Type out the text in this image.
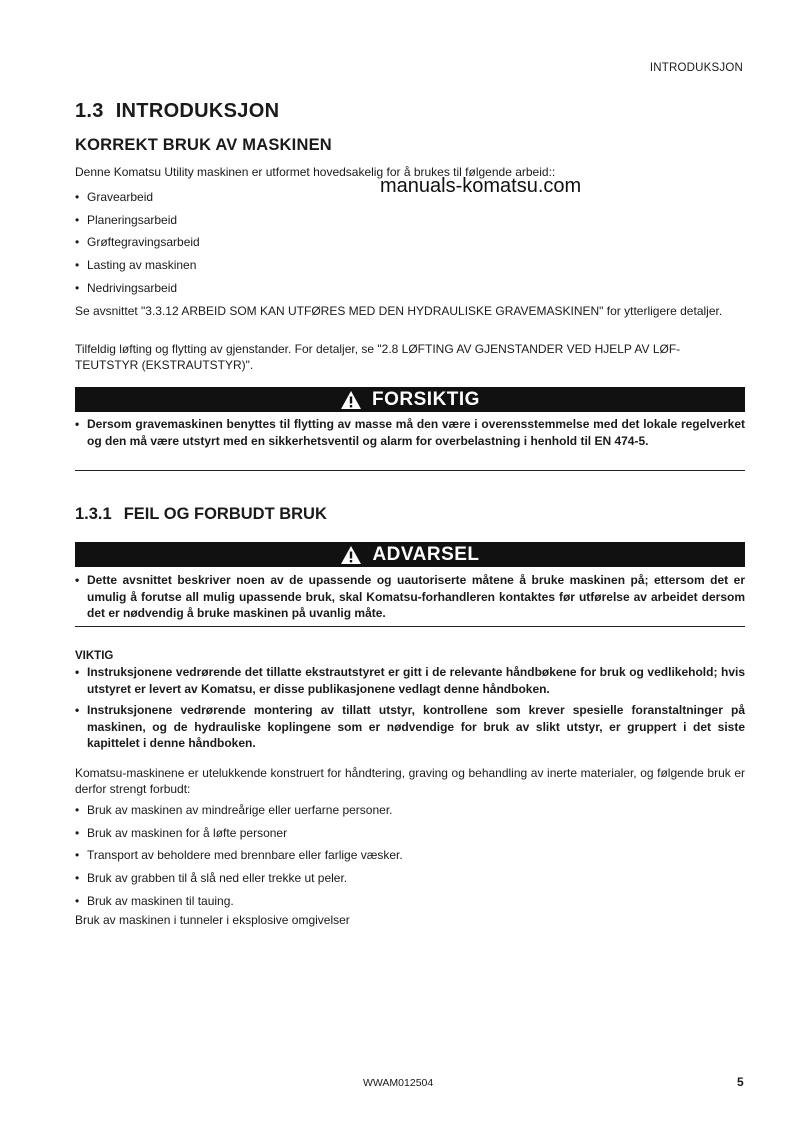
INTRODUKSJON
1.3 INTRODUKSJON
KORREKT BRUK AV MASKINEN
Denne Komatsu Utility maskinen er utformet hovedsakelig for å brukes til følgende arbeid::
manuals-komatsu.com
• Gravearbeid
• Planeringsarbeid
• Grøftegravingsarbeid
• Lasting av maskinen
• Nedrivingsarbeid
Se avsnittet "3.3.12 ARBEID SOM KAN UTFØRES MED DEN HYDRAULISKE GRAVEMASKINEN" for ytterligere detaljer.
Tilfeldig løfting og flytting av gjenstander. For detaljer, se "2.8 LØFTING AV GJENSTANDER VED HJELP AV LØF-
TEUTSTYR (EKSTRAUTSTYR)".
FORSIKTIG
• Dersom gravemaskinen benyttes til flytting av masse må den være i overensstemmelse med det lokale regelverket og den må være utstyrt med en sikkerhetsventil og alarm for overbelastning i henhold til EN 474-5.
1.3.1 FEIL OG FORBUDT BRUK
ADVARSEL
• Dette avsnittet beskriver noen av de upassende og uautoriserte måtene å bruke maskinen på; ettersom det er umulig å forutse all mulig upassende bruk, skal Komatsu-forhandleren kontaktes før utførelse av arbeidet dersom det er nødvendig å bruke maskinen på uvanlig måte.
VIKTIG
• Instruksjonene vedrørende det tillatte ekstrautstyret er gitt i de relevante håndbøkene for bruk og vedlikehold; hvis utstyret er levert av Komatsu, er disse publikasjonene vedlagt denne håndboken.
• Instruksjonene vedrørende montering av tillatt utstyr, kontrollene som krever spesielle foranstaltninger på maskinen, og de hydrauliske koplingene som er nødvendige for bruk av slikt utstyr, er gruppert i det siste kapittelet i denne håndboken.
Komatsu-maskinene er utelukkende konstruert for håndtering, graving og behandling av inerte materialer, og følgende bruk er derfor strengt forbudt:
• Bruk av maskinen av mindreårige eller uerfarne personer.
• Bruk av maskinen for å løfte personer
• Transport av beholdere med brennbare eller farlige væsker.
• Bruk av grabben til å slå ned eller trekke ut peler.
• Bruk av maskinen til tauing.
Bruk av maskinen i tunneler i eksplosive omgivelser
WWAM012504	5
